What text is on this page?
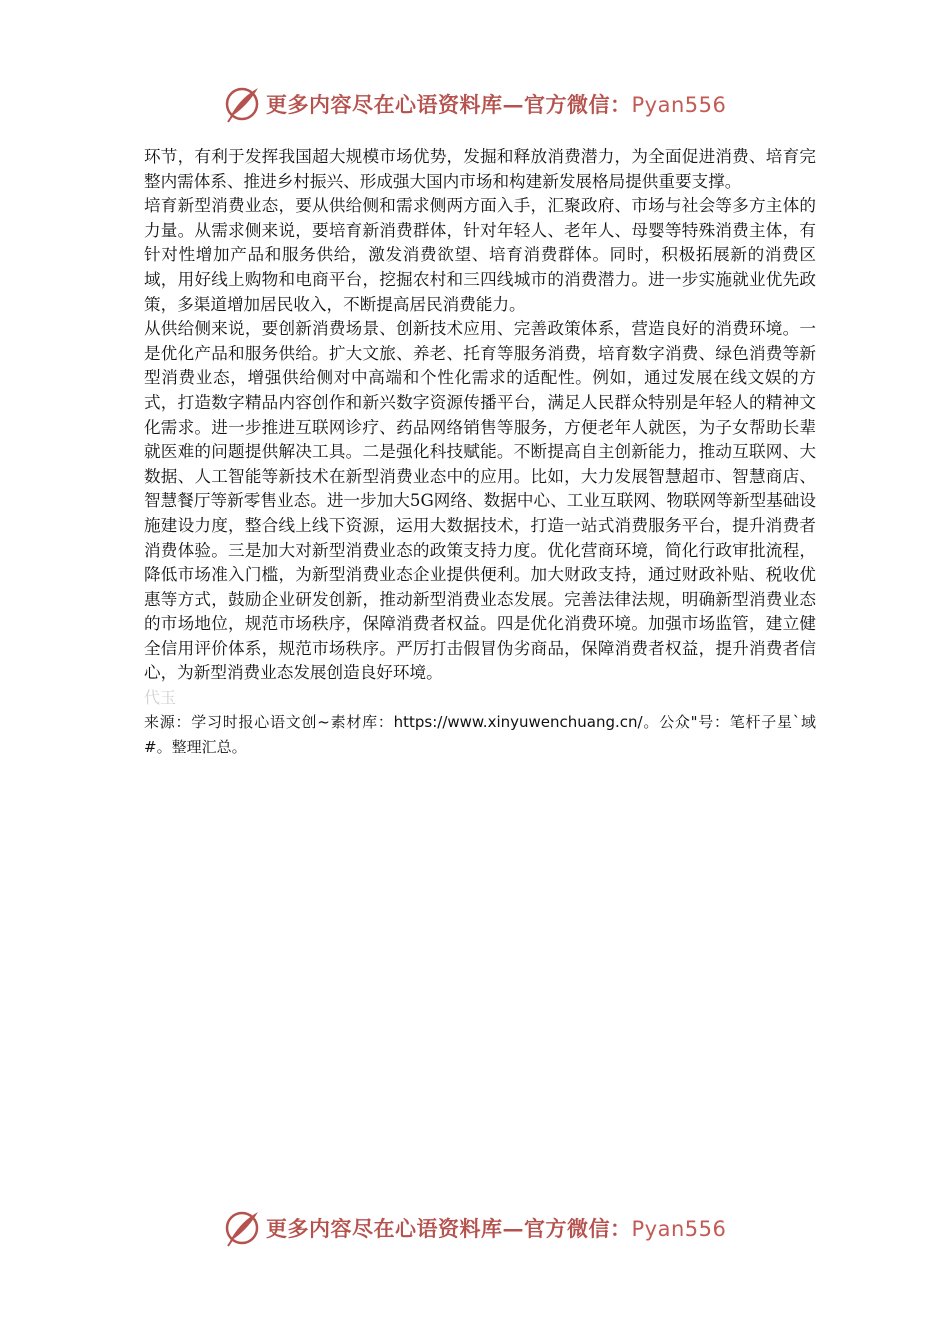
更多内容尽在心语资料库—官方微信：Pyan556

环节，有利于发挥我国超大规模市场优势，发掘和释放消费潜力，为全面促进消费、培育完整内需体系、推进乡村振兴、形成强大国内市场和构建新发展格局提供重要支撑。

培育新型消费业态，要从供给侧和需求侧两方面入手，汇聚政府、市场与社会等多方主体的力量。从需求侧来说，要培育新消费群体，针对年轻人、老年人、母婴等特殊消费主体，有针对性增加产品和服务供给，激发消费欲望、培育消费群体。同时，积极拓展新的消费区域，用好线上购物和电商平台，挖掘农村和三四线城市的消费潜力。进一步实施就业优先政策，多渠道增加居民收入，不断提高居民消费能力。

从供给侧来说，要创新消费场景、创新技术应用、完善政策体系，营造良好的消费环境。一是优化产品和服务供给。扩大文旅、养老、托育等服务消费，培育数字消费、绿色消费等新型消费业态，增强供给侧对中高端和个性化需求的适配性。例如，通过发展在线文娱的方式，打造数字精品内容创作和新兴数字资源传播平台，满足人民群众特别是年轻人的精神文化需求。进一步推进互联网诊疗、药品网络销售等服务，方便老年人就医，为子女帮助长辈就医难的问题提供解决工具。二是强化科技赋能。不断提高自主创新能力，推动互联网、大数据、人工智能等新技术在新型消费业态中的应用。比如，大力发展智慧超市、智慧商店、智慧餐厅等新零售业态。进一步加大5G网络、数据中心、工业互联网、物联网等新型基础设施建设力度，整合线上线下资源，运用大数据技术，打造一站式消费服务平台，提升消费者消费体验。三是加大对新型消费业态的政策支持力度。优化营商环境，简化行政审批流程，降低市场准入门槛，为新型消费业态企业提供便利。加大财政支持，通过财政补贴、税收优惠等方式，鼓励企业研发创新，推动新型消费业态发展。完善法律法规，明确新型消费业态的市场地位，规范市场秩序，保障消费者权益。四是优化消费环境。加强市场监管，建立健全信用评价体系，规范市场秩序。严厉打击假冒伪劣商品，保障消费者权益，提升消费者信心，为新型消费业态发展创造良好环境。

代玉

来源：学习时报心语文创~素材库：https://www.xinyuwenchuang.cn/。公众"号：笔杆子星`域#。整理汇总。

更多内容尽在心语资料库—官方微信：Pyan556
